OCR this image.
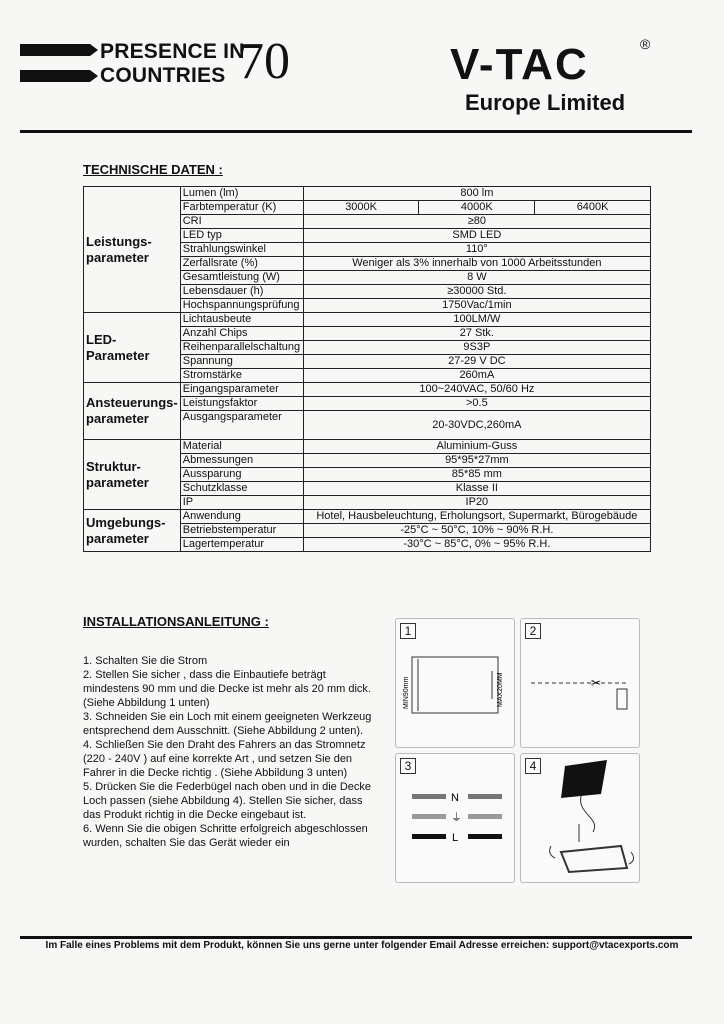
PRESENCE IN
COUNTRIES 70	V-TAC	®
Europe Limited
TECHNISCHE DATEN :
Leistungs-parameter	Lumen (lm)	800 lm		
	Farbtemperatur (K)	3000K	4000K	6400K
	CRI	≥80		
	LED typ	SMD LED		
	Strahlungswinkel	110°		
	Zerfallsrate (%)	Weniger als 3% innerhalb von 1000 Arbeitsstunden		
	Gesamtleistung (W)	8 W		
	Lebensdauer (h)	≥30000 Std.		
	Hochspannungsprüfung	1750Vac/1min		
LED-Parameter	Lichtausbeute	100LM/W		
	Anzahl Chips	27 Stk.		
	Reihenparallelschaltung	9S3P		
	Spannung	27-29 V DC		
	Stromstärke	260mA		
Ansteuerungs-parameter	Eingangsparameter	100~240VAC, 50/60 Hz		
	Leistungsfaktor	>0.5		
	Ausgangsparameter	20-30VDC,260mA		
Struktur-parameter	Material	Aluminium-Guss		
	Abmessungen	95*95*27mm		
	Aussparung	85*85 mm		
	Schutzklasse	Klasse II		
	IP	IP20		
Umgebungs-parameter	Anwendung	Hotel, Hausbeleuchtung, Erholungsort, Supermarkt, Bürogebäude		
	Betriebstemperatur	-25°C ~ 50°C, 10% ~ 90% R.H.		
	Lagertemperatur	-30°C ~ 85°C, 0% ~ 95% R.H.		
INSTALLATIONSANLEITUNG :

1. Schalten Sie die Strom

2. Stellen Sie sicher , dass die Einbautiefe beträgt mindestens 90 mm und die Decke ist mehr als 20 mm dick. (Siehe Abbildung 1 unten)

3. Schneiden Sie ein Loch mit einem geeigneten Werkzeug entsprechend dem Ausschnitt. (Siehe Abbildung 2 unten).

4. Schließen Sie den Draht des Fahrers an das Stromnetz (220 - 240V ) auf eine korrekte Art , und setzen Sie den Fahrer in die Decke richtig . (Siehe Abbildung 3 unten)

5. Drücken Sie die Federbügel nach oben und in die Decke Loch passen (siehe Abbildung 4). Stellen Sie sicher, dass das Produkt richtig in die Decke eingebaut ist.

6. Wenn Sie die obigen Schritte erfolgreich abgeschlossen wurden, schalten Sie das Gerät wieder ein

1
MIN90mm	MAX20MM
2
✂
3
N
⏚
L
4
Im Falle eines Problems mit dem Produkt, können Sie uns gerne unter folgender Email Adresse erreichen: support@vtacexports.com
